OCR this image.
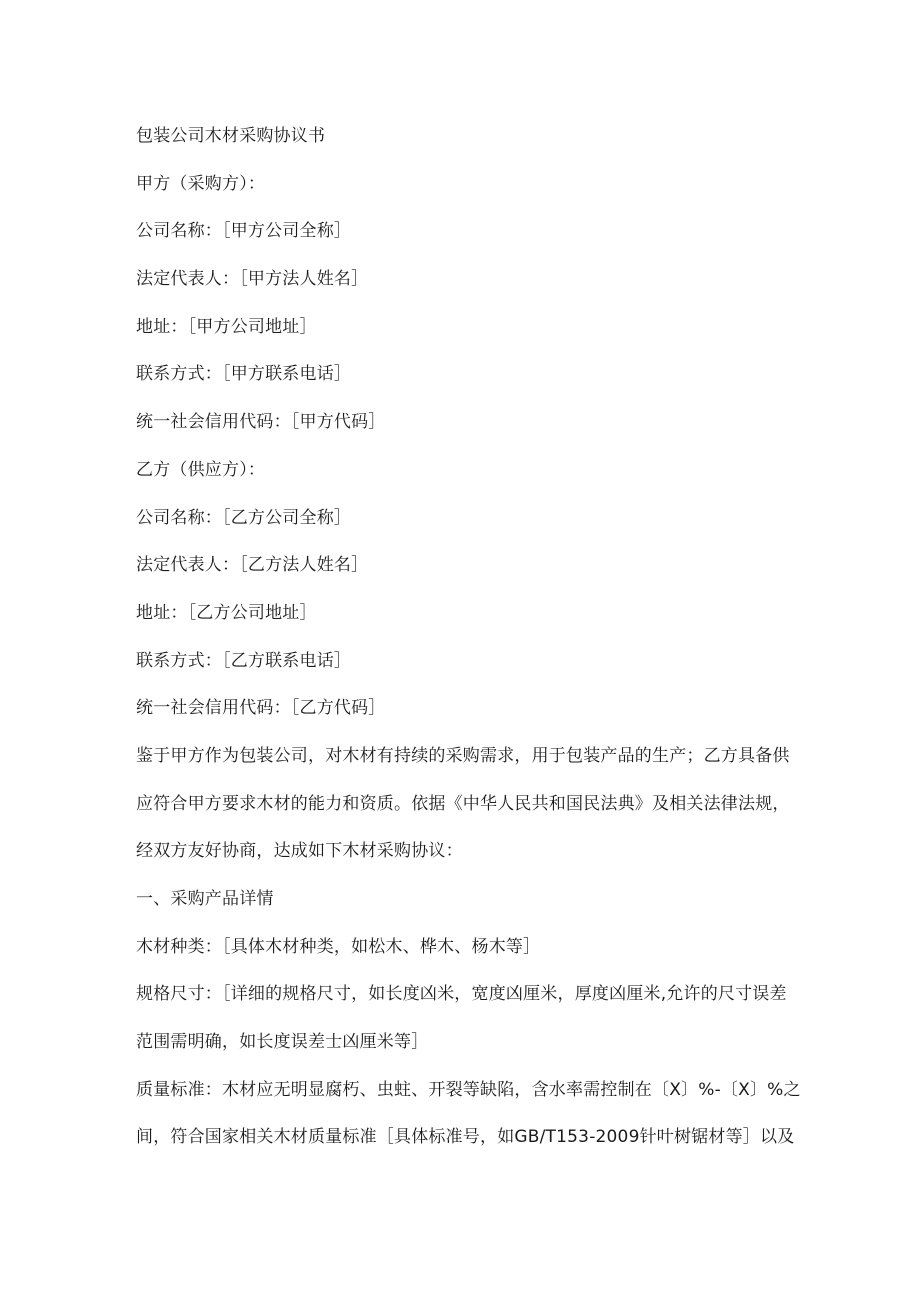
包装公司木材采购协议书
甲方（采购方）：
公司名称：［甲方公司全称］
法定代表人：［甲方法人姓名］
地址：［甲方公司地址］
联系方式：［甲方联系电话］
统一社会信用代码：［甲方代码］
乙方（供应方）：
公司名称：［乙方公司全称］
法定代表人：［乙方法人姓名］
地址：［乙方公司地址］
联系方式：［乙方联系电话］
统一社会信用代码：［乙方代码］
鉴于甲方作为包装公司，对木材有持续的采购需求，用于包装产品的生产；乙方具备供
应符合甲方要求木材的能力和资质。依据《中华人民共和国民法典》及相关法律法规，
经双方友好协商，达成如下木材采购协议：
一、采购产品详情
木材种类：［具体木材种类，如松木、桦木、杨木等］
规格尺寸：［详细的规格尺寸，如长度凶米，宽度凶厘米，厚度凶厘米,允许的尺寸误差
范围需明确，如长度误差士凶厘米等］
质量标准：木材应无明显腐朽、虫蛀、开裂等缺陷，含水率需控制在〔X〕%-〔X〕%之
间，符合国家相关木材质量标准［具体标准号，如GB/T153-2009针叶树锯材等］以及
